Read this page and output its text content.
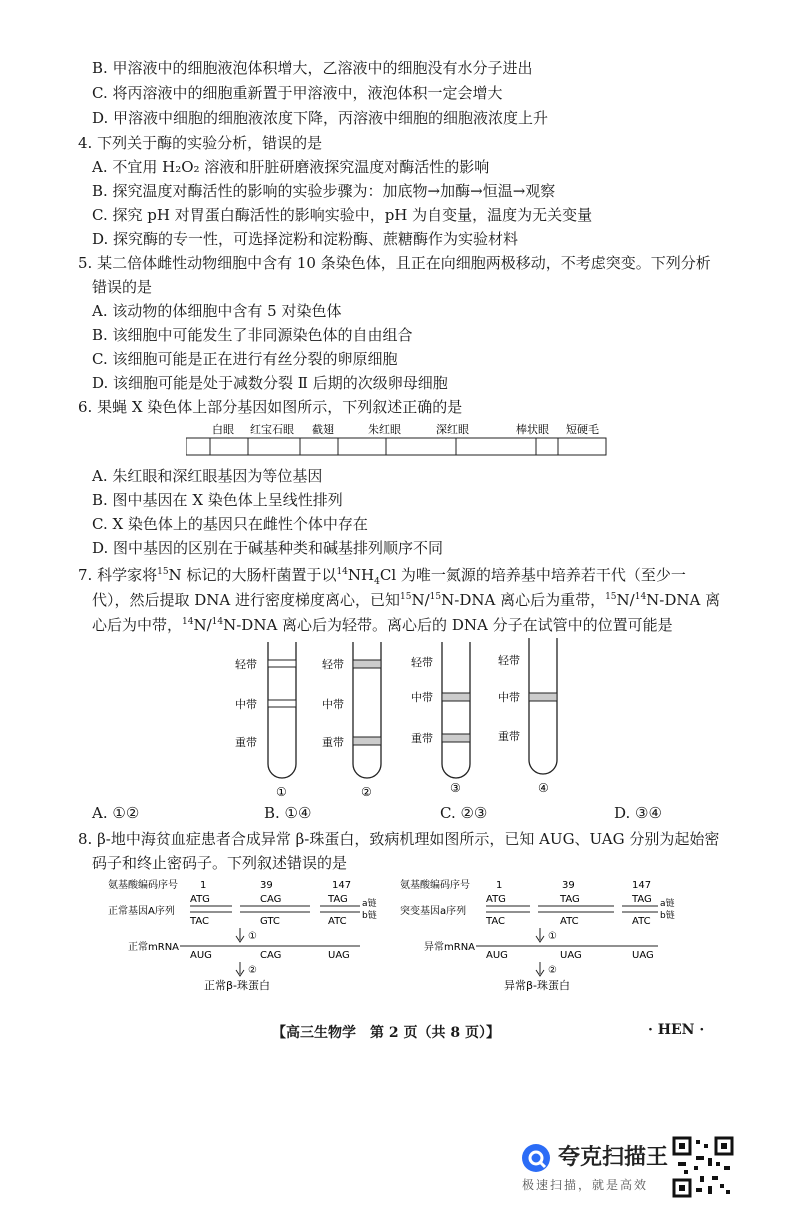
B. 甲溶液中的细胞液泡体积增大，乙溶液中的细胞没有水分子进出
C. 将丙溶液中的细胞重新置于甲溶液中，液泡体积一定会增大
D. 甲溶液中细胞的细胞液浓度下降，丙溶液中细胞的细胞液浓度上升
4. 下列关于酶的实验分析，错误的是
A. 不宜用 H₂O₂ 溶液和肝脏研磨液探究温度对酶活性的影响
B. 探究温度对酶活性的影响的实验步骤为：加底物→加酶→恒温→观察
C. 探究 pH 对胃蛋白酶活性的影响实验中，pH 为自变量，温度为无关变量
D. 探究酶的专一性，可选择淀粉和淀粉酶、蔗糖酶作为实验材料
5. 某二倍体雌性动物细胞中含有 10 条染色体，且正在向细胞两极移动，不考虑突变。下列分析
错误的是
A. 该动物的体细胞中含有 5 对染色体
B. 该细胞中可能发生了非同源染色体的自由组合
C. 该细胞可能是正在进行有丝分裂的卵原细胞
D. 该细胞可能是处于减数分裂 Ⅱ 后期的次级卵母细胞
6. 果蝇 X 染色体上部分基因如图所示，下列叙述正确的是
白眼 红宝石眼 截翅	朱红眼	深红眼	棒状眼 短硬毛
A. 朱红眼和深红眼基因为等位基因
B. 图中基因在 X 染色体上呈线性排列
C. X 染色体上的基因只在雌性个体中存在
D. 图中基因的区别在于碱基种类和碱基排列顺序不同
7. 科学家将$^{15}$N 标记的大肠杆菌置于以$^{14}NH_4Cl$ 为唯一氮源的培养基中培养若干代（至少一
代），然后提取 DNA 进行密度梯度离心，已知$^{15}$N/$^{15}$N-DNA 离心后为重带，$^{15}$N/$^{14}$N-DNA 离
心后为中带，$^{14}$N/$^{14}$N-DNA 离心后为轻带。离心后的 DNA 分子在试管中的位置可能是
轻带
中带
重带
①
轻带
中带
重带
②
轻带
中带
重带
③
轻带
中带
重带
④
A. ①②	B. ①④	C. ②③	D. ③④
8. β-地中海贫血症患者合成异常 β-珠蛋白，致病机理如图所示，已知 AUG、UAG 分别为起始密
码子和终止密码子。下列叙述错误的是
氨基酸编码序号 1	39	147
ATG	CAG	TAG
正常基因A序列
a链
b链
TAC	GTC	ATC
①
正常mRNA
AUG	CAG	UAG
②
正常β-珠蛋白
氨基酸编码序号	1	39	147
ATG	TAG	TAG
突变基因a序列
a链
b链
TAC	ATC	ATC
①
异常mRNA
AUG	UAG	UAG
②
异常β-珠蛋白
【高三生物学　第 2 页（共 8 页）】	· HEN ·
夸克扫描王
极速扫描，就是高效
